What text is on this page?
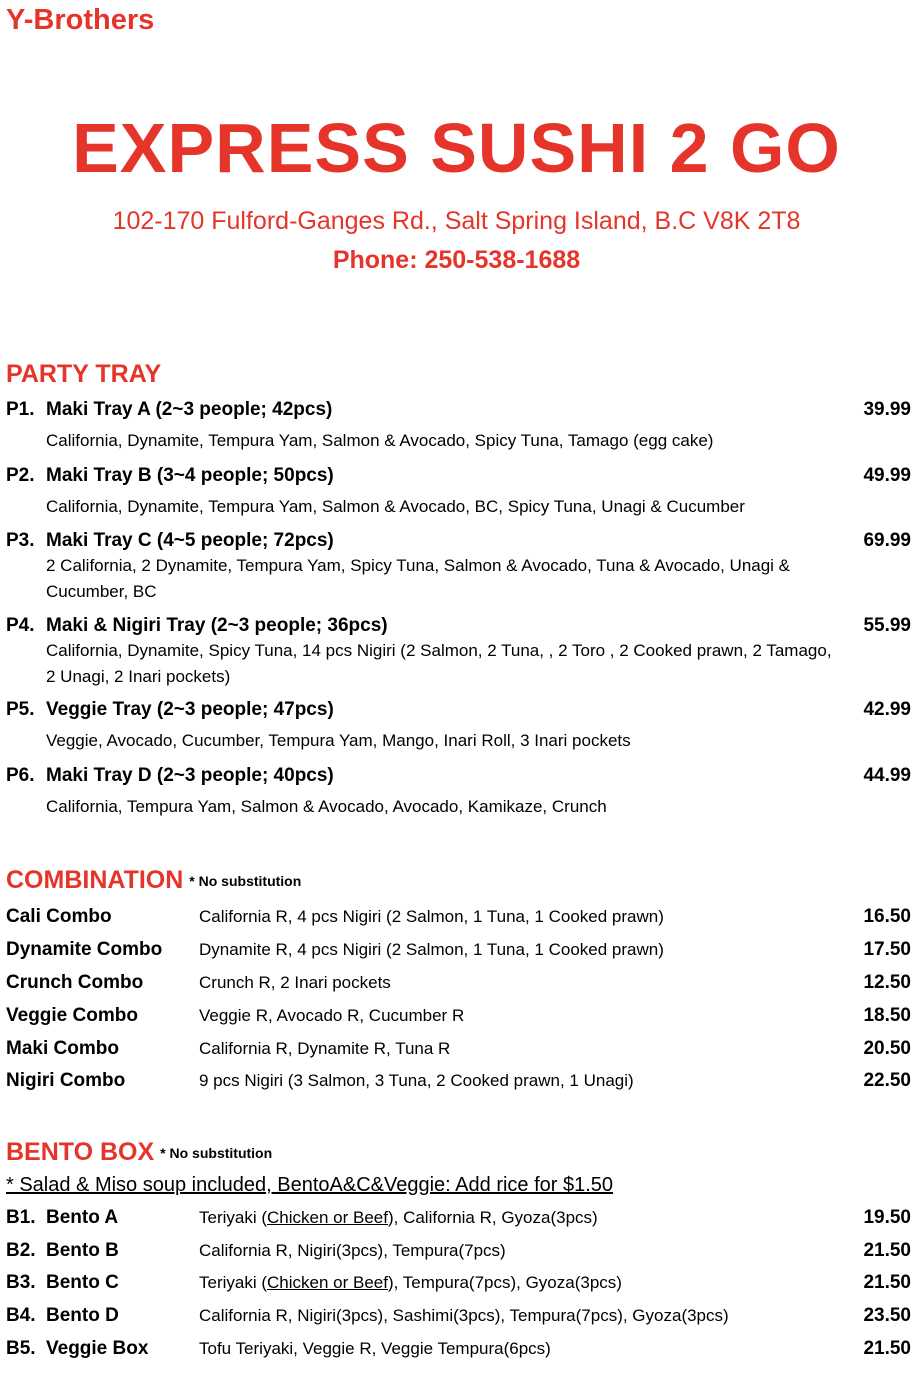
Y-Brothers
EXPRESS SUSHI 2 GO
102-170 Fulford-Ganges Rd., Salt Spring Island, B.C V8K 2T8
Phone: 250-538-1688
PARTY TRAY
P1. Maki Tray A (2~3 people; 42pcs)	39.99
California, Dynamite, Tempura Yam, Salmon & Avocado, Spicy Tuna, Tamago (egg cake)
P2. Maki Tray B (3~4 people; 50pcs)	49.99
California, Dynamite, Tempura Yam, Salmon & Avocado, BC, Spicy Tuna, Unagi & Cucumber
P3. Maki Tray C (4~5 people; 72pcs)	69.99
2 California, 2 Dynamite, Tempura Yam, Spicy Tuna, Salmon & Avocado, Tuna & Avocado, Unagi & Cucumber, BC
P4. Maki & Nigiri Tray (2~3 people; 36pcs)	55.99
California, Dynamite, Spicy Tuna, 14 pcs Nigiri (2 Salmon, 2 Tuna, , 2 Toro , 2 Cooked prawn, 2 Tamago, 2 Unagi, 2 Inari pockets)
P5. Veggie Tray (2~3 people; 47pcs)	42.99
Veggie, Avocado, Cucumber, Tempura Yam, Mango, Inari Roll, 3 Inari pockets
P6. Maki Tray D (2~3 people; 40pcs)	44.99
California, Tempura Yam, Salmon & Avocado, Avocado, Kamikaze, Crunch
COMBINATION * No substitution
Cali Combo	California R, 4 pcs Nigiri (2 Salmon, 1 Tuna, 1 Cooked prawn)	16.50
Dynamite Combo	Dynamite R, 4 pcs Nigiri (2 Salmon, 1 Tuna, 1 Cooked prawn)	17.50
Crunch Combo	Crunch R, 2 Inari pockets	12.50
Veggie Combo	Veggie R, Avocado R, Cucumber R	18.50
Maki Combo	California R, Dynamite R, Tuna R	20.50
Nigiri Combo	9 pcs Nigiri (3 Salmon, 3 Tuna, 2 Cooked prawn, 1 Unagi)	22.50
BENTO BOX * No substitution
* Salad & Miso soup included, BentoA&C&Veggie: Add rice for $1.50
B1. Bento A	Teriyaki (Chicken or Beef), California R, Gyoza(3pcs)	19.50
B2. Bento B	California R, Nigiri(3pcs), Tempura(7pcs)	21.50
B3. Bento C	Teriyaki (Chicken or Beef), Tempura(7pcs), Gyoza(3pcs)	21.50
B4. Bento D	California R, Nigiri(3pcs), Sashimi(3pcs), Tempura(7pcs), Gyoza(3pcs)	23.50
B5. Veggie Box	Tofu Teriyaki, Veggie R, Veggie Tempura(6pcs)	21.50
